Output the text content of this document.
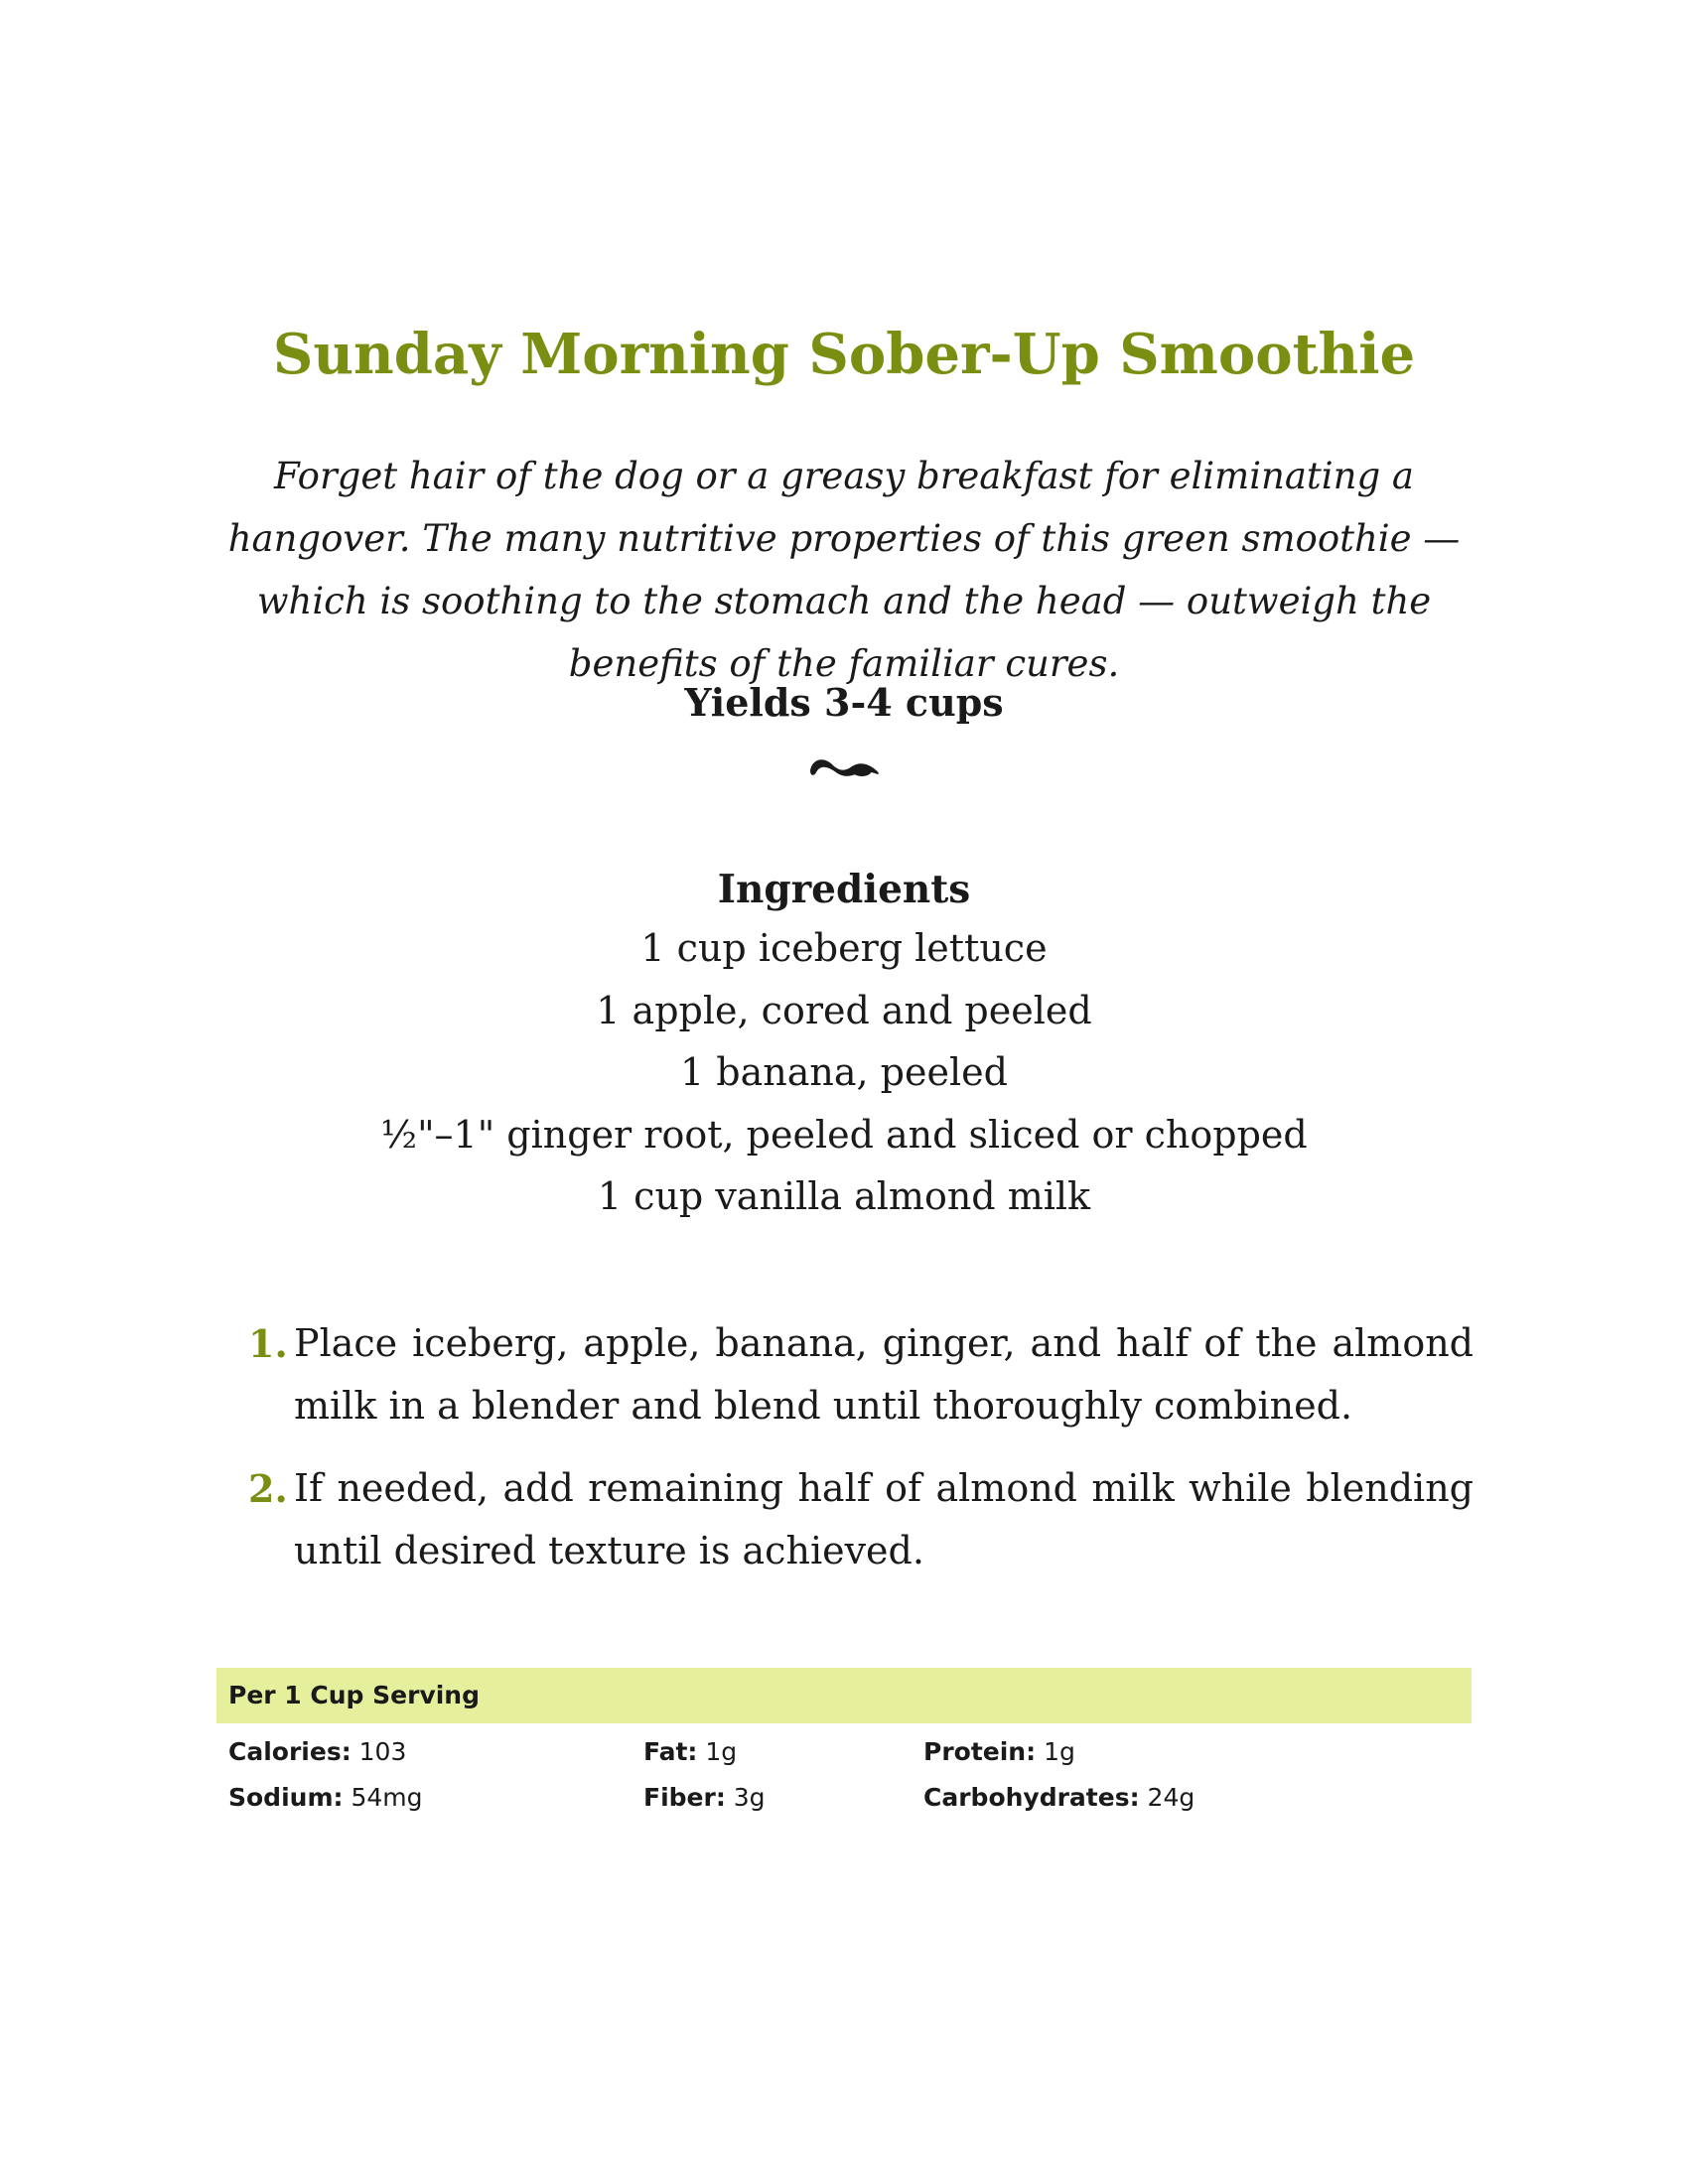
Sunday Morning Sober-Up Smoothie

Forget hair of the dog or a greasy breakfast for eliminating a hangover. The many nutritive properties of this green smoothie — which is soothing to the stomach and the head — outweigh the benefits of the familiar cures.

Yields 3-4 cups
Ingredients
1 cup iceberg lettuce
1 apple, cored and peeled
1 banana, peeled
½"–1" ginger root, peeled and sliced or chopped
1 cup vanilla almond milk
1. Place iceberg, apple, banana, ginger, and half of the almond milk in a blender and blend until thoroughly combined.
2. If needed, add remaining half of almond milk while blending until desired texture is achieved.
Per 1 Cup Serving
Calories: 103	Fat: 1g	Protein: 1g
Sodium: 54mg	Fiber: 3g	Carbohydrates: 24g
